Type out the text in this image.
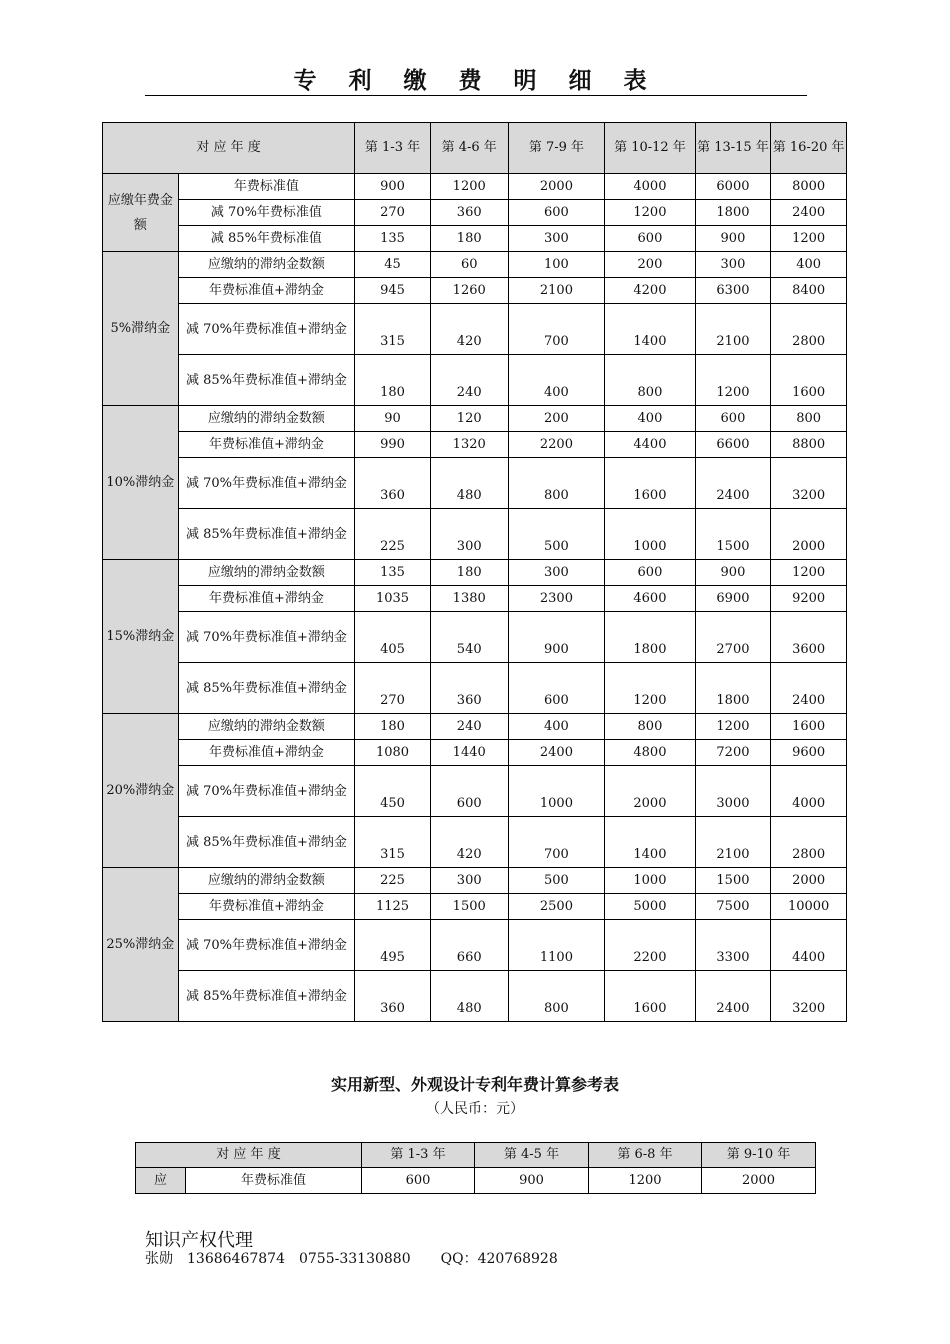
专 利 缴 费 明 细 表
对 应 年 度		第 1-3 年	第 4-6 年	第 7-9 年	第 10-12 年	第 13-15 年	第 16-20 年
应缴年费金额	年费标准值	900	1200	2000	4000	6000	8000
	减 70%年费标准值	270	360	600	1200	1800	2400
	减 85%年费标准值	135	180	300	600	900	1200
5%滞纳金	应缴纳的滞纳金数额	45	60	100	200	300	400
	年费标准值+滞纳金	945	1260	2100	4200	6300	8400
	减 70%年费标准值+滞纳金	315	420	700	1400	2100	2800
	减 85%年费标准值+滞纳金	180	240	400	800	1200	1600
10%滞纳金	应缴纳的滞纳金数额	90	120	200	400	600	800
	年费标准值+滞纳金	990	1320	2200	4400	6600	8800
	减 70%年费标准值+滞纳金	360	480	800	1600	2400	3200
	减 85%年费标准值+滞纳金	225	300	500	1000	1500	2000
15%滞纳金	应缴纳的滞纳金数额	135	180	300	600	900	1200
	年费标准值+滞纳金	1035	1380	2300	4600	6900	9200
	减 70%年费标准值+滞纳金	405	540	900	1800	2700	3600
	减 85%年费标准值+滞纳金	270	360	600	1200	1800	2400
20%滞纳金	应缴纳的滞纳金数额	180	240	400	800	1200	1600
	年费标准值+滞纳金	1080	1440	2400	4800	7200	9600
	减 70%年费标准值+滞纳金	450	600	1000	2000	3000	4000
	减 85%年费标准值+滞纳金	315	420	700	1400	2100	2800
25%滞纳金	应缴纳的滞纳金数额	225	300	500	1000	1500	2000
	年费标准值+滞纳金	1125	1500	2500	5000	7500	10000
	减 70%年费标准值+滞纳金	495	660	1100	2200	3300	4400
	减 85%年费标准值+滞纳金	360	480	800	1600	2400	3200
实用新型、外观设计专利年费计算参考表
（人民币：元）
对 应 年 度		第 1-3 年	第 4-5 年	第 6-8 年	第 9-10 年
应	年费标准值	600	900	1200	2000
知识产权代理
张勋 13686467874 0755-33130880 QQ：420768928
